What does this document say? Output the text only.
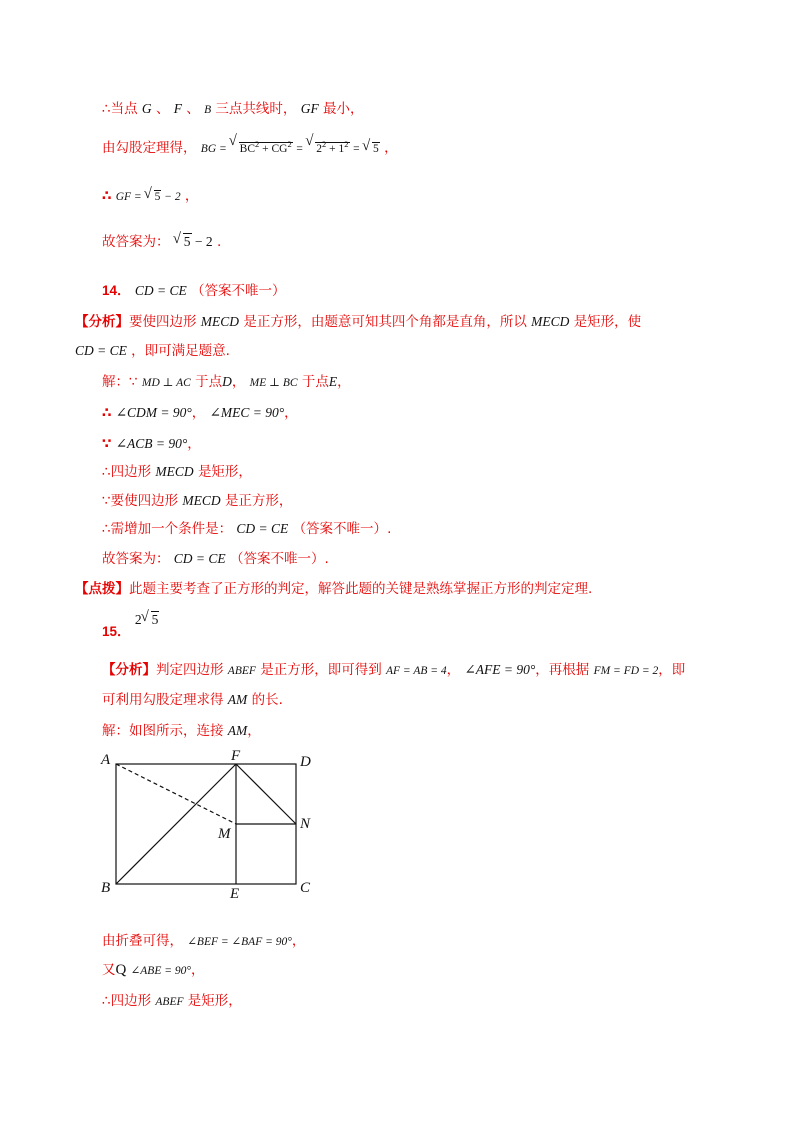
∴当点 G 、 F 、 B 三点共线时， GF 最小，
由勾股定理得， BG = √ $BC^2 + CG^2$ = √ $2^2 + 1^2$ = √ 5 ，
∴ GF = √ 5 − 2 ，
故答案为： √ 5 − 2 .
14． CD = CE （答案不唯一）
【分析】要使四边形 MECD 是正方形，由题意可知其四个角都是直角，所以 MECD 是矩形，使
CD = CE ，即可满足题意.
解：∵ MD ⊥ AC 于点D， ME ⊥ BC 于点E，
∴ ∠CDM = 90°， ∠MEC = 90°，
∵ ∠ACB = 90°，
∴四边形 MECD 是矩形，
∵要使四边形 MECD 是正方形，
∴需增加一个条件是： CD = CE （答案不唯一）.
故答案为： CD = CE （答案不唯一）.
【点拨】此题主要考查了正方形的判定，解答此题的关键是熟练掌握正方形的判定定理.
15． 2 √ 5
【分析】判定四边形 ABEF 是正方形，即可得到 AF = AB = 4， ∠AFE = 90°，再根据 FM = FD = 2，即
可利用勾股定理求得 AM 的长.
解：如图所示，连接 AM，
A	F	D
M
N
B	E	C
由折叠可得， ∠BEF = ∠BAF = 90°，
又Q ∠ABE = 90°，
∴四边形 ABEF 是矩形，
